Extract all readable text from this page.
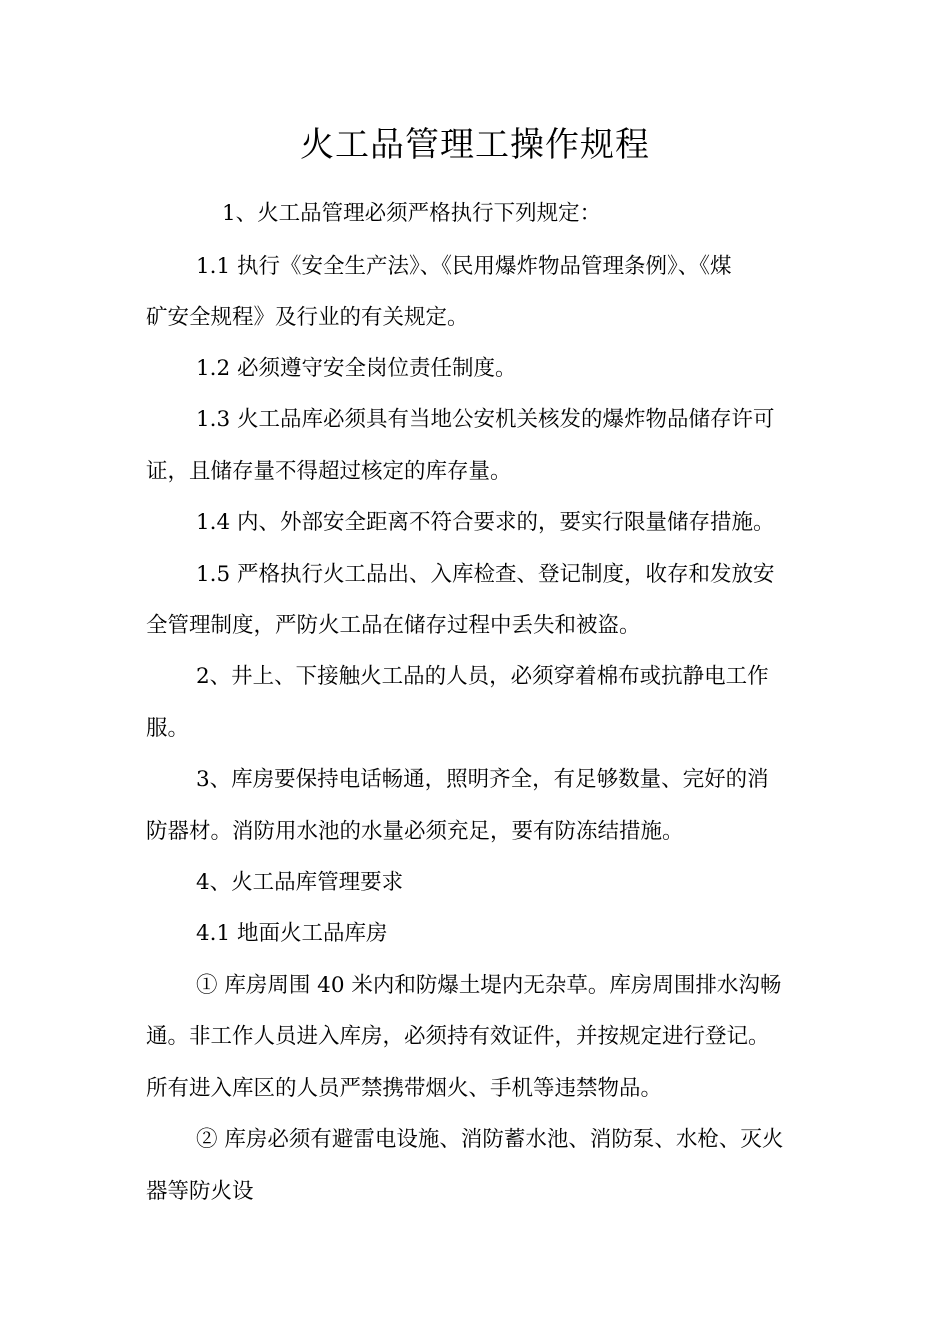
火工品管理工操作规程
1、火工品管理必须严格执行下列规定：
1.1 执行《安全生产法》、《民用爆炸物品管理条例》、《煤
矿安全规程》及行业的有关规定。
1.2 必须遵守安全岗位责任制度。
1.3 火工品库必须具有当地公安机关核发的爆炸物品储存许可
证，且储存量不得超过核定的库存量。
1.4 内、外部安全距离不符合要求的，要实行限量储存措施。
1.5 严格执行火工品出、入库检查、登记制度，收存和发放安
全管理制度，严防火工品在储存过程中丢失和被盗。
2、井上、下接触火工品的人员，必须穿着棉布或抗静电工作
服。
3、库房要保持电话畅通，照明齐全，有足够数量、完好的消
防器材。消防用水池的水量必须充足，要有防冻结措施。
4、火工品库管理要求
4.1 地面火工品库房
① 库房周围 40 米内和防爆土堤内无杂草。库房周围排水沟畅
通。非工作人员进入库房，必须持有效证件，并按规定进行登记。
所有进入库区的人员严禁携带烟火、手机等违禁物品。
② 库房必须有避雷电设施、消防蓄水池、消防泵、水枪、灭火
器等防火设
